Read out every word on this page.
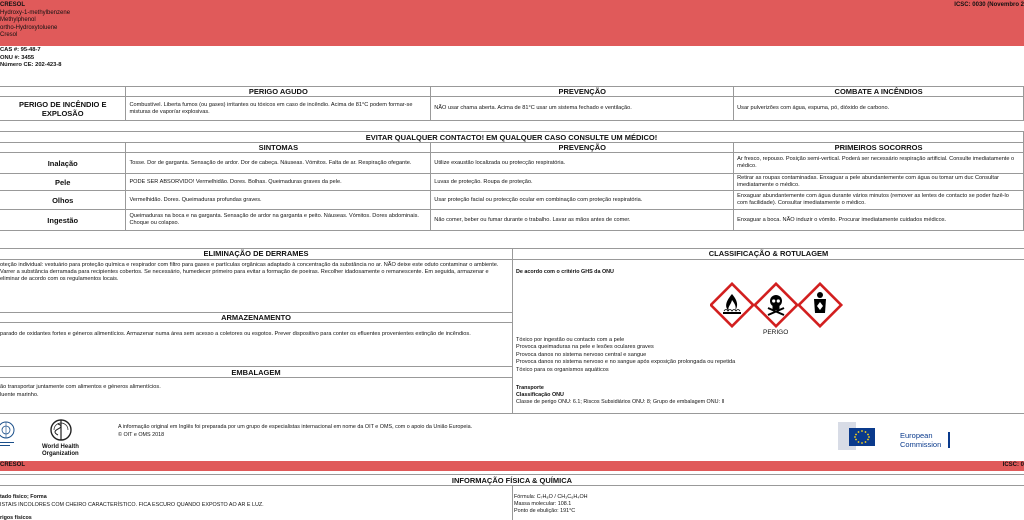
CRESOL
Hydroxy-1-methylbenzene
Methylphenol
ortho-Hydroxytoluene
Cresol
ICSC: 0030 (Novembro 2
CAS #: 95-48-7
ONU #: 3455
Número CE: 202-423-8
	PERIGO AGUDO	PREVENÇÃO	COMBATE A INCÊNDIOS
PERIGO DE INCÊNDIO E EXPLOSÃO	Combustível. Liberta fumos (ou gases) irritantes ou tóxicos em caso de incêndio. Acima de 81°C podem formar-se misturas de vapor/ar explosivas.	NÃO usar chama aberta. Acima de 81°C usar um sistema fechado e ventilação.	Usar pulverizões com água, espuma, pó, dióxido de carbono.
EVITAR QUALQUER CONTACTO! EM QUALQUER CASO CONSULTE UM MÉDICO!			
	SINTOMAS	PREVENÇÃO	PRIMEIROS SOCORROS
Inalação	Tosse. Dor de garganta. Sensação de ardor. Dor de cabeça. Náuseas. Vómitos. Falta de ar. Respiração ofegante.	Utilize exaustão localizada ou protecção respiratória.	Ar fresco, repouso. Posição semi-vertical. Poderá ser necessário respiração artificial. Consulte imediatamente o médico.
Pele	PODE SER ABSORVIDO! Vermelhidão. Dores. Bolhas. Queimaduras graves da pele.	Luvas de proteção. Roupa de proteção.	Retirar as roupas contaminadas. Enxaguar a pele abundantemente com água ou tomar um duc Consultar imediatamente o médico.
Olhos	Vermelhidão. Dores. Queimaduras profundas graves.	Usar proteção facial ou protecção ocular em combinação com proteção respiratória.	Enxaguar abundantemente com água durante vários minutos (remover as lentes de contacto se poder fazê-lo com facilidade). Consultar imediatamente o médico.
Ingestão	Queimaduras na boca e na garganta. Sensação de ardor na garganta e peito. Náuseas. Vómitos. Dores abdominais. Choque ou colapso.	Não comer, beber ou fumar durante o trabalho. Lavar as mãos antes de comer.	Enxaguar a boca. NÃO induzir o vómito. Procurar imediatamente cuidados médicos.
ELIMINAÇÃO DE DERRAMES
oteção individual: vestuário para proteção química e respirador com filtro para gases e partículas orgânicas adaptado à concentração da substância no ar. NÃO deixe este oduto contaminar o ambiente. Varrer a substância derramada para recipientes cobertos. Se necessário, humedecer primeiro para evitar a formação de poeiras. Recolher idadosamente o remanescente. Em seguida, armazenar e eliminar de acordo com os regulamentos locais.
ARMAZENAMENTO
parado de oxidantes fortes e géneros alimentícios. Armazenar numa área sem acesso a coletores ou esgotos. Prever dispositivo para conter os efluentes provenientes extinção de incêndios.
EMBALAGEM
ão transportar juntamente com alimentos e géneros alimentícios.
luente marinho.
CLASSIFICAÇÃO & ROTULAGEM
De acordo com o critério GHS da ONU
PERIGO
Tóxico por ingestão ou contacto com a pele
Provoca queimaduras na pele e lesões oculares graves
Provoca danos no sistema nervoso central e sangue
Provoca danos no sistema nervoso e no sangue após exposição prolongada ou repetida
Tóxico para os organismos aquáticos
Transporte
Classificação ONU
Classe de perigo ONU: 6.1; Riscos Subsidiários ONU: 8; Grupo de embalagem ONU: II
World Health
Organization
A informação original em Inglês foi preparada por um grupo de especialistas internacional em nome da OIT e OMS, com o apoio da União Europeia.
© OIT e OMS 2018	European
Commission
CRESOL	ICSC: 0
INFORMAÇÃO FÍSICA & QUÍMICA
tado físico; Forma
ISTAIS INCOLORES COM CHEIRO CARACTERÍSTICO. FICA ESCURO QUANDO EXPOSTO AO AR E LUZ.
rigos físicos
Fórmula: C₇H₈O / CH₃C₆H₄OH
Massa molecular: 108.1
Ponto de ebulição: 191°C
